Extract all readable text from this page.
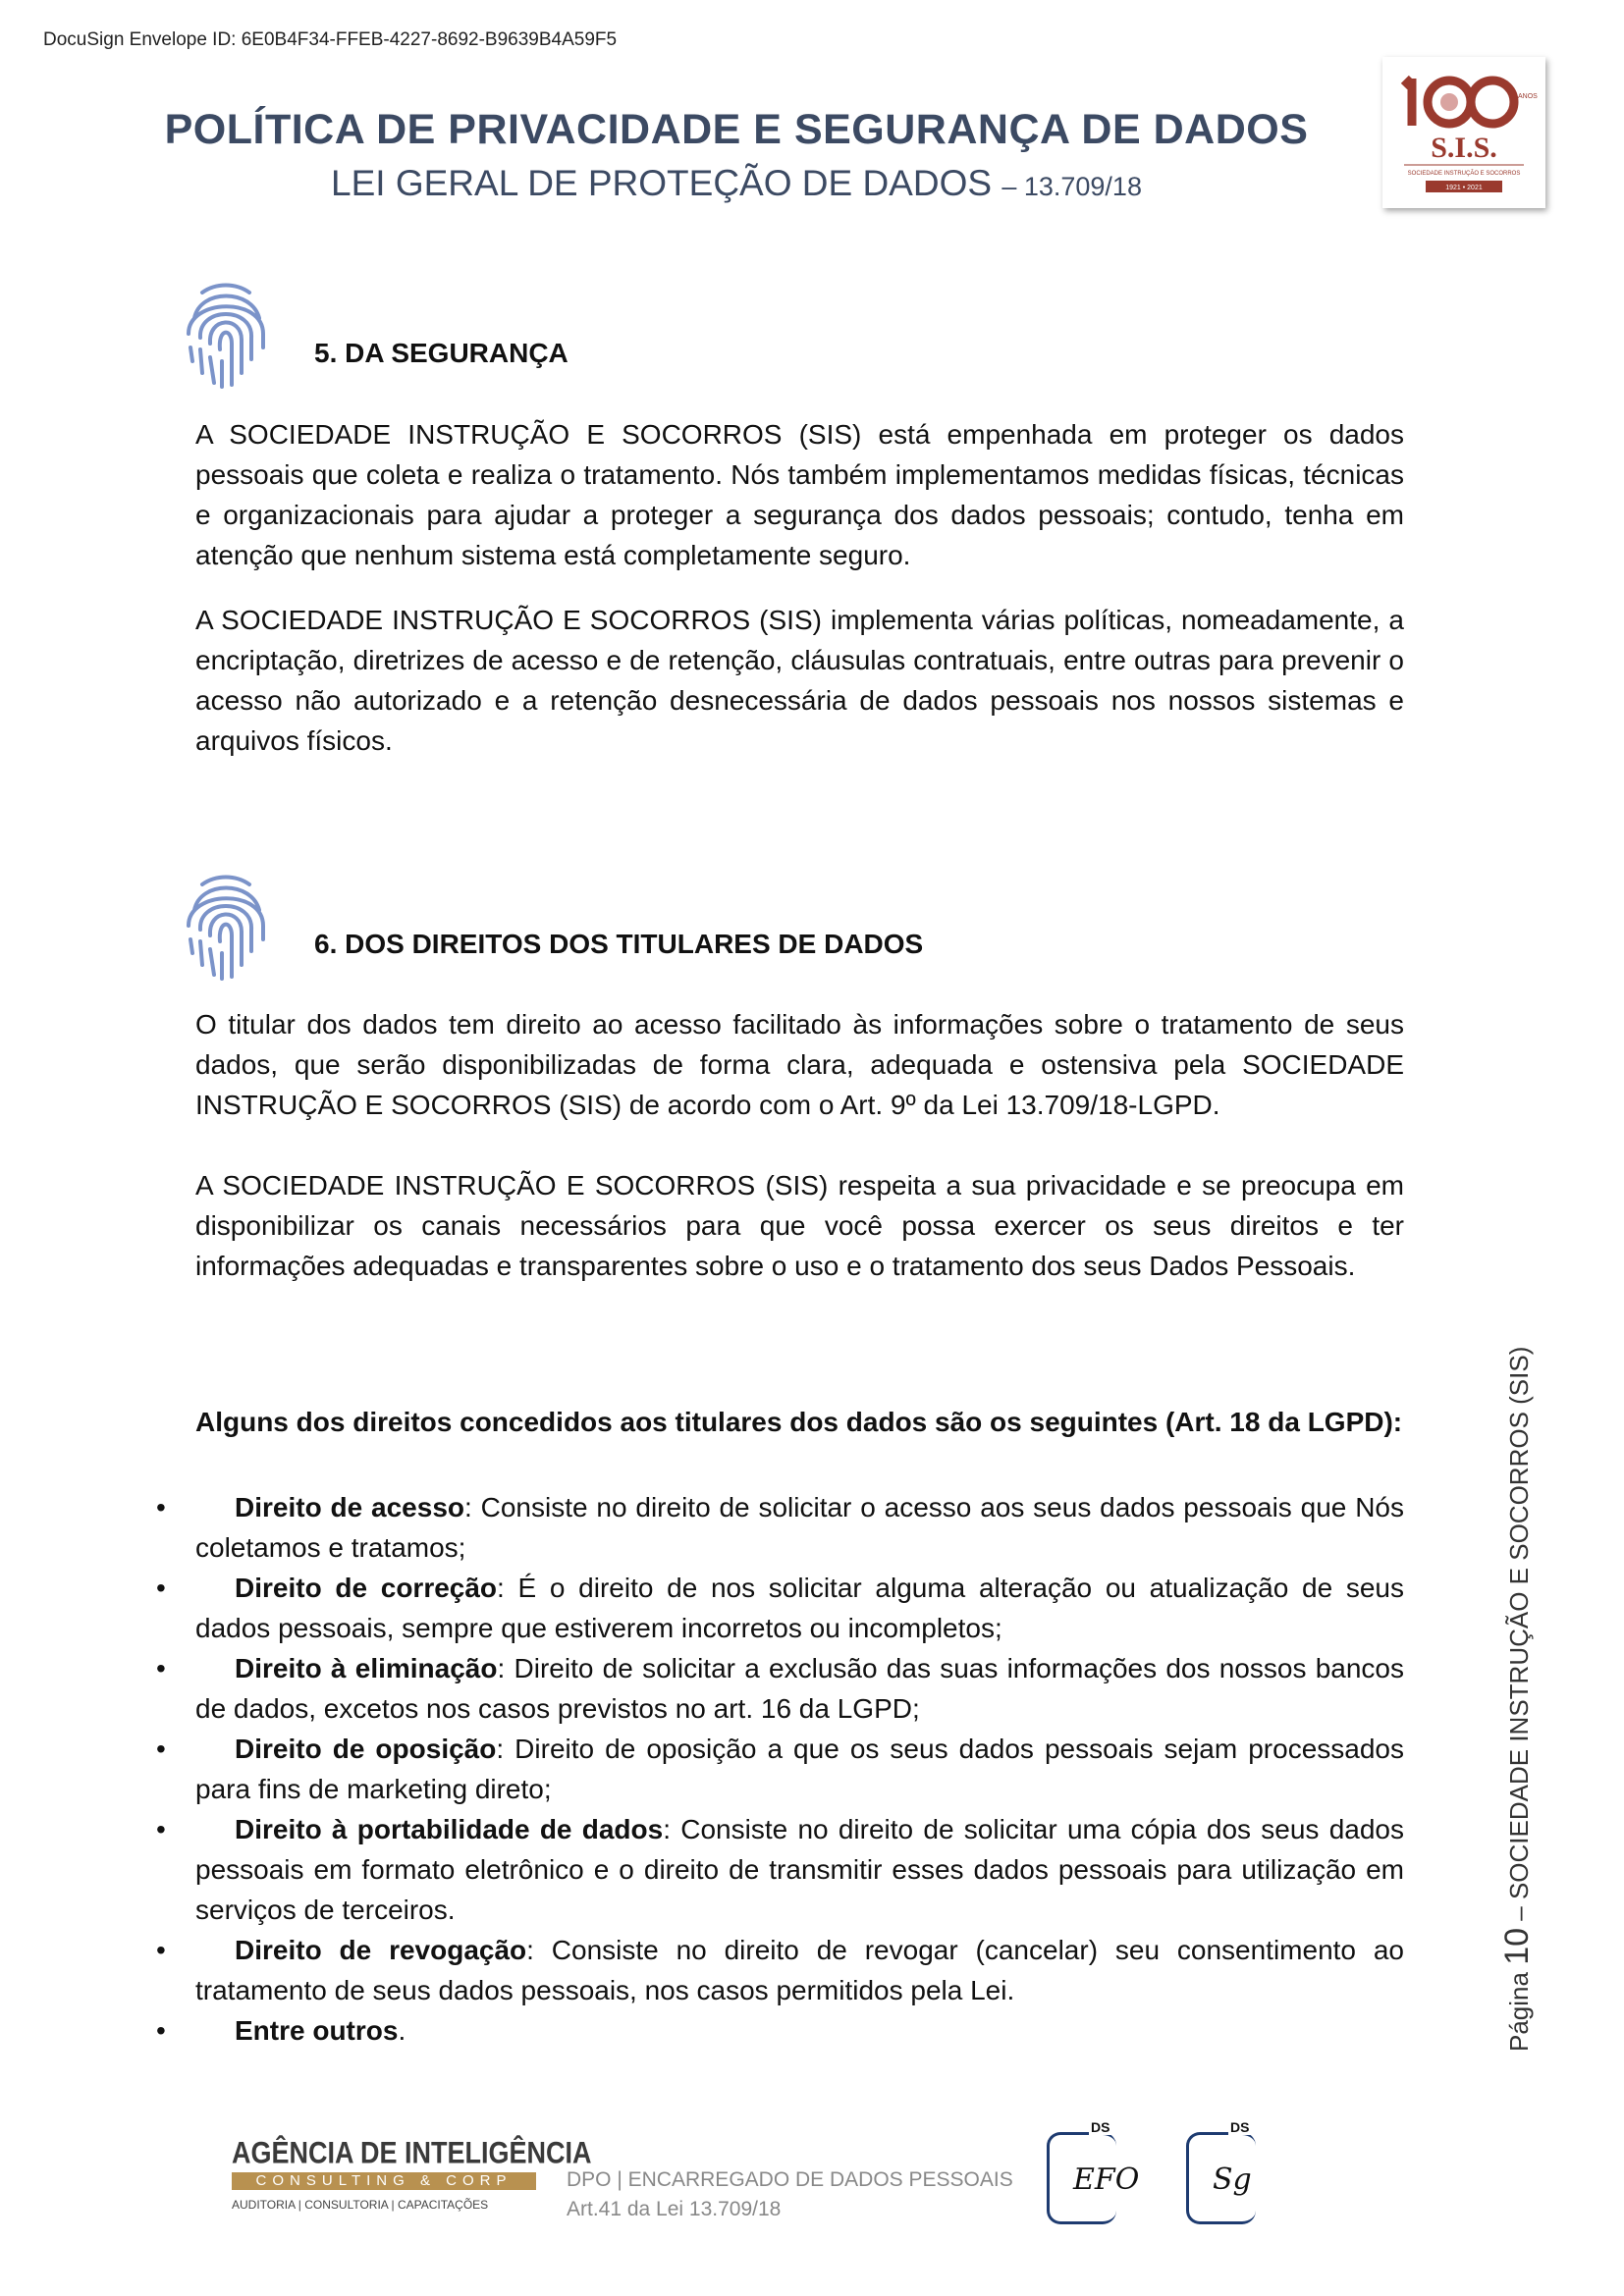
DocuSign Envelope ID: 6E0B4F34-FFEB-4227-8692-B9639B4A59F5
POLÍTICA DE PRIVACIDADE E SEGURANÇA DE DADOS
LEI GERAL DE PROTEÇÃO DE DADOS – 13.709/18
ANOS
S.I.S.
SOCIEDADE INSTRUÇÃO E SOCORROS
1921 • 2021
5. DA SEGURANÇA

A SOCIEDADE INSTRUÇÃO E SOCORROS (SIS) está empenhada em proteger os dados pessoais que coleta e realiza o tratamento. Nós também implementamos medidas físicas, técnicas e organizacionais para ajudar a proteger a segurança dos dados pessoais; contudo, tenha em atenção que nenhum sistema está completamente seguro.

A SOCIEDADE INSTRUÇÃO E SOCORROS (SIS) implementa várias políticas, nomeadamente, a encriptação, diretrizes de acesso e de retenção, cláusulas contratuais, entre outras para prevenir o acesso não autorizado e a retenção desnecessária de dados pessoais nos nossos sistemas e arquivos físicos.

6. DOS DIREITOS DOS TITULARES DE DADOS

O titular dos dados tem direito ao acesso facilitado às informações sobre o tratamento de seus dados, que serão disponibilizadas de forma clara, adequada e ostensiva pela SOCIEDADE INSTRUÇÃO E SOCORROS (SIS) de acordo com o Art. 9º da Lei 13.709/18-LGPD.

A SOCIEDADE INSTRUÇÃO E SOCORROS (SIS) respeita a sua privacidade e se preocupa em disponibilizar os canais necessários para que você possa exercer os seus direitos e ter informações adequadas e transparentes sobre o uso e o tratamento dos seus Dados Pessoais.

Alguns dos direitos concedidos aos titulares dos dados são os seguintes (Art. 18 da LGPD):
•	Direito de acesso: Consiste no direito de solicitar o acesso aos seus dados pessoais que Nós coletamos e tratamos;
•	Direito de correção: É o direito de nos solicitar alguma alteração ou atualização de seus dados pessoais, sempre que estiverem incorretos ou incompletos;
•	Direito à eliminação: Direito de solicitar a exclusão das suas informações dos nossos bancos de dados, excetos nos casos previstos no art. 16 da LGPD;
•	Direito de oposição: Direito de oposição a que os seus dados pessoais sejam processados para fins de marketing direto;
•	Direito à portabilidade de dados: Consiste no direito de solicitar uma cópia dos seus dados pessoais em formato eletrônico e o direito de transmitir esses dados pessoais para utilização em serviços de terceiros.
•	Direito de revogação: Consiste no direito de revogar (cancelar) seu consentimento ao tratamento de seus dados pessoais, nos casos permitidos pela Lei.
•	Entre outros.	Página 10 – SOCIEDADE INSTRUÇÃO E SOCORROS (SIS)
AGÊNCIA DE INTELIGÊNCIA
CONSULTING & CORP
AUDITORIA | CONSULTORIA | CAPACITAÇÕES
DPO | ENCARREGADO DE DADOS PESSOAIS
Art.41 da Lei 13.709/18
DS
EFO
DS
Sg
